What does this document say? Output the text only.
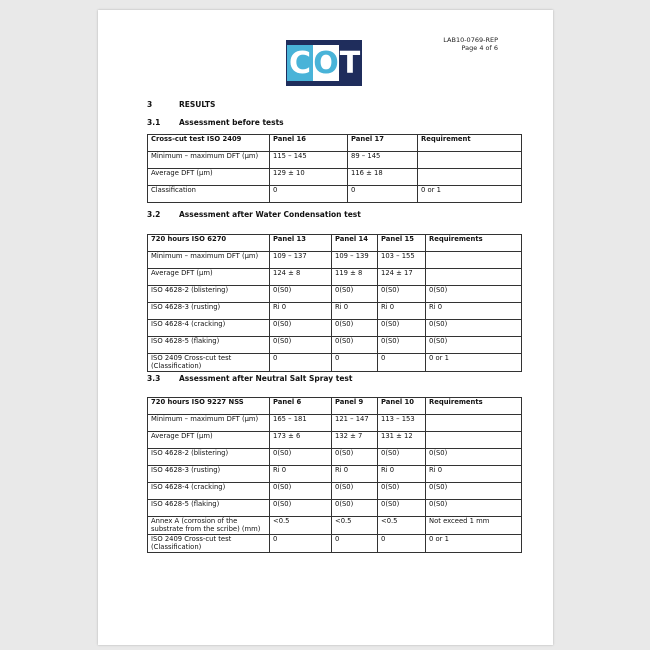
LAB10-0769-REP
Page 4 of 6
C O T
3	RESULTS
3.1 Assessment before tests
3.2 Assessment after Water Condensation test
3.3 Assessment after Neutral Salt Spray test
Cross-cut test ISO 2409	Panel 16	Panel 17	Requirement
Minimum – maximum DFT (µm)	115 – 145	89 – 145	
Average DFT (µm)	129 ± 10	116 ± 18	
Classification	0	0	0 or 1
720 hours ISO 6270	Panel 13	Panel 14	Panel 15	Requirements
Minimum – maximum DFT (µm)	109 – 137	109 – 139	103 – 155	
Average DFT (µm)	124 ± 8	119 ± 8	124 ± 17	
ISO 4628-2 (blistering)	0(S0)	0(S0)	0(S0)	0(S0)
ISO 4628-3 (rusting)	Ri 0	Ri 0	Ri 0	Ri 0
ISO 4628-4 (cracking)	0(S0)	0(S0)	0(S0)	0(S0)
ISO 4628-5 (flaking)	0(S0)	0(S0)	0(S0)	0(S0)
ISO 2409 Cross-cut test (Classification)	0	0	0	0 or 1
720 hours ISO 9227 NSS	Panel 6	Panel 9	Panel 10	Requirements
Minimum – maximum DFT (µm)	165 – 181	121 – 147	113 – 153	
Average DFT (µm)	173 ± 6	132 ± 7	131 ± 12	
ISO 4628-2 (blistering)	0(S0)	0(S0)	0(S0)	0(S0)
ISO 4628-3 (rusting)	Ri 0	Ri 0	Ri 0	Ri 0
ISO 4628-4 (cracking)	0(S0)	0(S0)	0(S0)	0(S0)
ISO 4628-5 (flaking)	0(S0)	0(S0)	0(S0)	0(S0)
Annex A (corrosion of the substrate from the scribe) (mm)	<0.5	<0.5	<0.5	Not exceed 1 mm
ISO 2409 Cross-cut test (Classification)	0	0	0	0 or 1
